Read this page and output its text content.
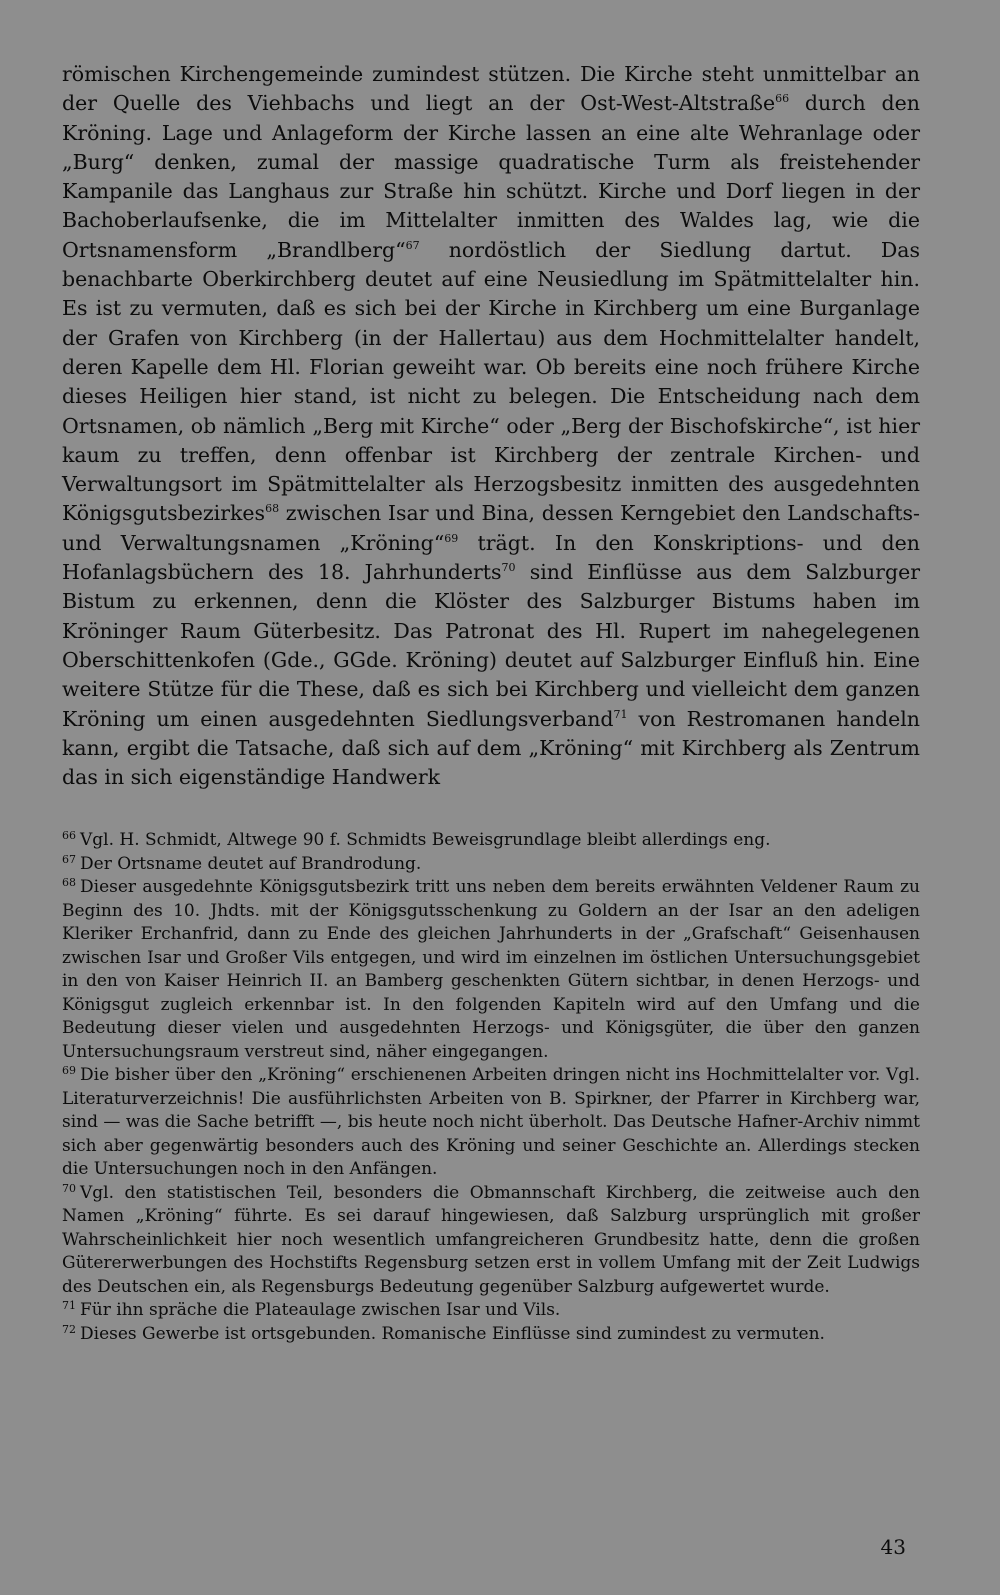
römischen Kirchengemeinde zumindest stützen. Die Kirche steht unmittelbar an der Quelle des Viehbachs und liegt an der Ost-West-Altstraße$^{66}$ durch den Kröning. Lage und Anlageform der Kirche lassen an eine alte Wehranlage oder „Burg“ denken, zumal der massige quadratische Turm als freistehender Kampanile das Langhaus zur Straße hin schützt. Kirche und Dorf liegen in der Bachoberlaufsenke, die im Mittelalter inmitten des Waldes lag, wie die Ortsnamensform „Brandlberg“$^{67}$ nordöstlich der Siedlung dartut. Das benachbarte Oberkirchberg deutet auf eine Neusiedlung im Spätmittelalter hin. Es ist zu vermuten, daß es sich bei der Kirche in Kirchberg um eine Burganlage der Grafen von Kirchberg (in der Hallertau) aus dem Hochmittelalter handelt, deren Kapelle dem Hl. Florian geweiht war. Ob bereits eine noch frühere Kirche dieses Heiligen hier stand, ist nicht zu belegen. Die Entscheidung nach dem Ortsnamen, ob nämlich „Berg mit Kirche“ oder „Berg der Bischofskirche“, ist hier kaum zu treffen, denn offenbar ist Kirchberg der zentrale Kirchen- und Verwaltungsort im Spätmittelalter als Herzogsbesitz inmitten des ausgedehnten Königsgutsbezirkes$^{68}$ zwischen Isar und Bina, dessen Kerngebiet den Landschafts- und Verwaltungsnamen „Kröning“$^{69}$ trägt. In den Konskriptions- und den Hofanlagsbüchern des 18. Jahrhunderts$^{70}$ sind Einflüsse aus dem Salzburger Bistum zu erkennen, denn die Klöster des Salzburger Bistums haben im Kröninger Raum Güterbesitz. Das Patronat des Hl. Rupert im nahegelegenen Oberschittenkofen (Gde., GGde. Kröning) deutet auf Salzburger Einfluß hin. Eine weitere Stütze für die These, daß es sich bei Kirchberg und vielleicht dem ganzen Kröning um einen ausgedehnten Siedlungsverband$^{71}$ von Restromanen handeln kann, ergibt die Tatsache, daß sich auf dem „Kröning“ mit Kirchberg als Zentrum das in sich eigenständige Handwerk

$^{66}$ Vgl. H. Schmidt, Altwege 90 f. Schmidts Beweisgrundlage bleibt allerdings eng.

$^{67}$ Der Ortsname deutet auf Brandrodung.

$^{68}$ Dieser ausgedehnte Königsgutsbezirk tritt uns neben dem bereits erwähnten Veldener Raum zu Beginn des 10. Jhdts. mit der Königsgutsschenkung zu Goldern an der Isar an den adeligen Kleriker Erchanfrid, dann zu Ende des gleichen Jahrhunderts in der „Grafschaft“ Geisenhausen zwischen Isar und Großer Vils entgegen, und wird im einzelnen im östlichen Untersuchungsgebiet in den von Kaiser Heinrich II. an Bamberg geschenkten Gütern sichtbar, in denen Herzogs- und Königsgut zugleich erkennbar ist. In den folgenden Kapiteln wird auf den Umfang und die Bedeutung dieser vielen und ausgedehnten Herzogs- und Königsgüter, die über den ganzen Untersuchungsraum verstreut sind, näher eingegangen.

$^{69}$ Die bisher über den „Kröning“ erschienenen Arbeiten dringen nicht ins Hochmittelalter vor. Vgl. Literaturverzeichnis! Die ausführlichsten Arbeiten von B. Spirkner, der Pfarrer in Kirchberg war, sind — was die Sache betrifft —, bis heute noch nicht überholt. Das Deutsche Hafner-Archiv nimmt sich aber gegenwärtig besonders auch des Kröning und seiner Geschichte an. Allerdings stecken die Untersuchungen noch in den Anfängen.

$^{70}$ Vgl. den statistischen Teil, besonders die Obmannschaft Kirchberg, die zeitweise auch den Namen „Kröning“ führte. Es sei darauf hingewiesen, daß Salzburg ursprünglich mit großer Wahrscheinlichkeit hier noch wesentlich umfangreicheren Grundbesitz hatte, denn die großen Gütererwerbungen des Hochstifts Regensburg setzen erst in vollem Umfang mit der Zeit Ludwigs des Deutschen ein, als Regensburgs Bedeutung gegenüber Salzburg aufgewertet wurde.

$^{71}$ Für ihn spräche die Plateaulage zwischen Isar und Vils.

$^{72}$ Dieses Gewerbe ist ortsgebunden. Romanische Einflüsse sind zumindest zu vermuten.

43
